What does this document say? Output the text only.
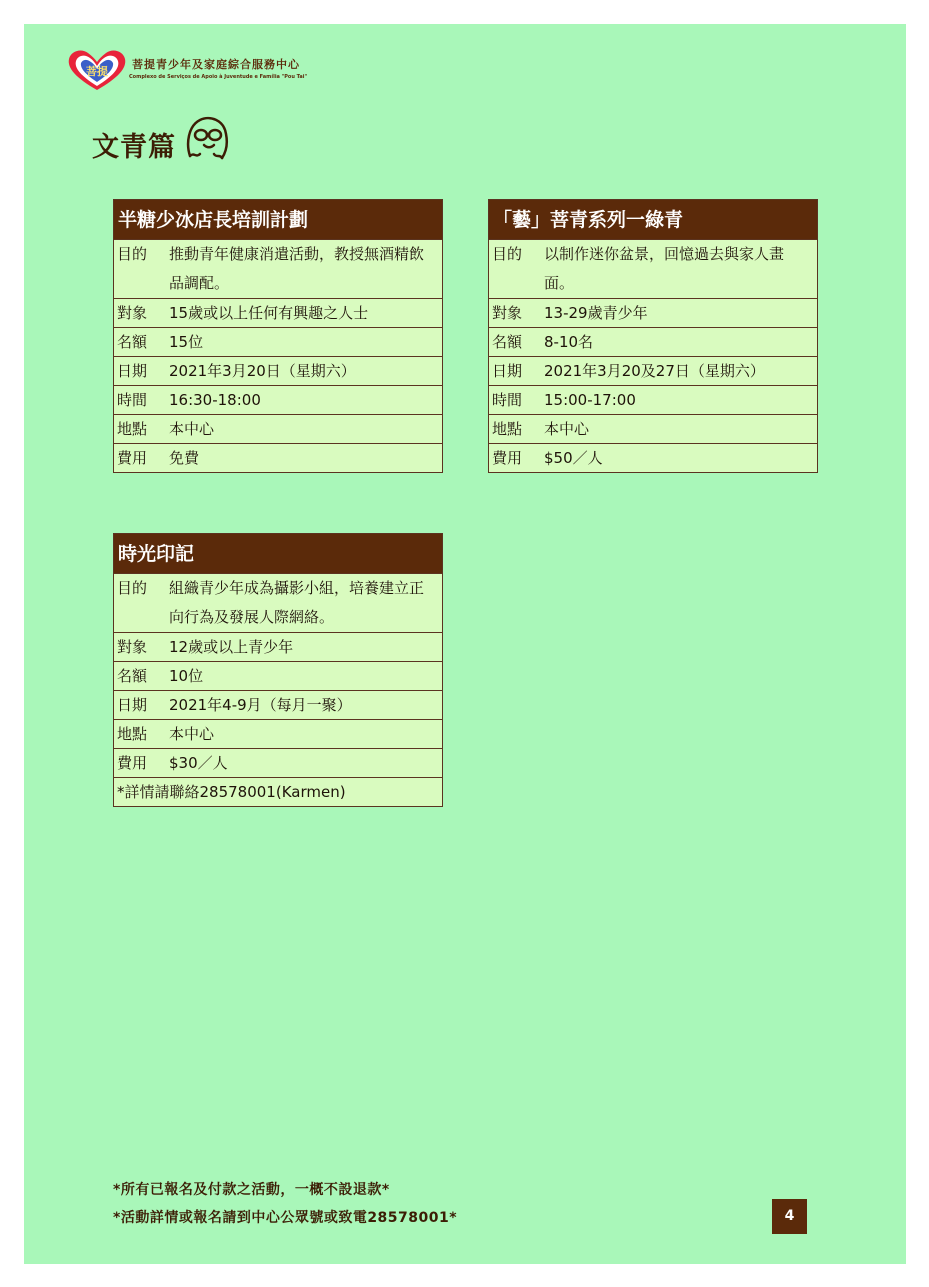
菩提
菩提青少年及家庭綜合服務中心
Complexo de Serviços de Apoio à Juventude e Família "Pou Tai"
文青篇
半糖少冰店長培訓計劃
目的	推動青年健康消遣活動，教授無酒精飲品調配。
對象	15歲或以上任何有興趣之人士
名額	15位
日期	2021年3月20日（星期六）
時間	16:30-18:00
地點	本中心
費用	免費
「藝」菩青系列一綠青
目的	以制作迷你盆景，回憶過去與家人畫面。
對象	13-29歲青少年
名額	8-10名
日期	2021年3月20及27日（星期六）
時間	15:00-17:00
地點	本中心
費用	$50／人
時光印記
目的	組織青少年成為攝影小組，培養建立正向行為及發展人際網絡。
對象	12歲或以上青少年
名額	10位
日期	2021年4-9月（每月一聚）
地點	本中心
費用	$30／人
*詳情請聯絡28578001(Karmen)
*所有已報名及付款之活動，一概不設退款*
*活動詳情或報名請到中心公眾號或致電28578001*	4
